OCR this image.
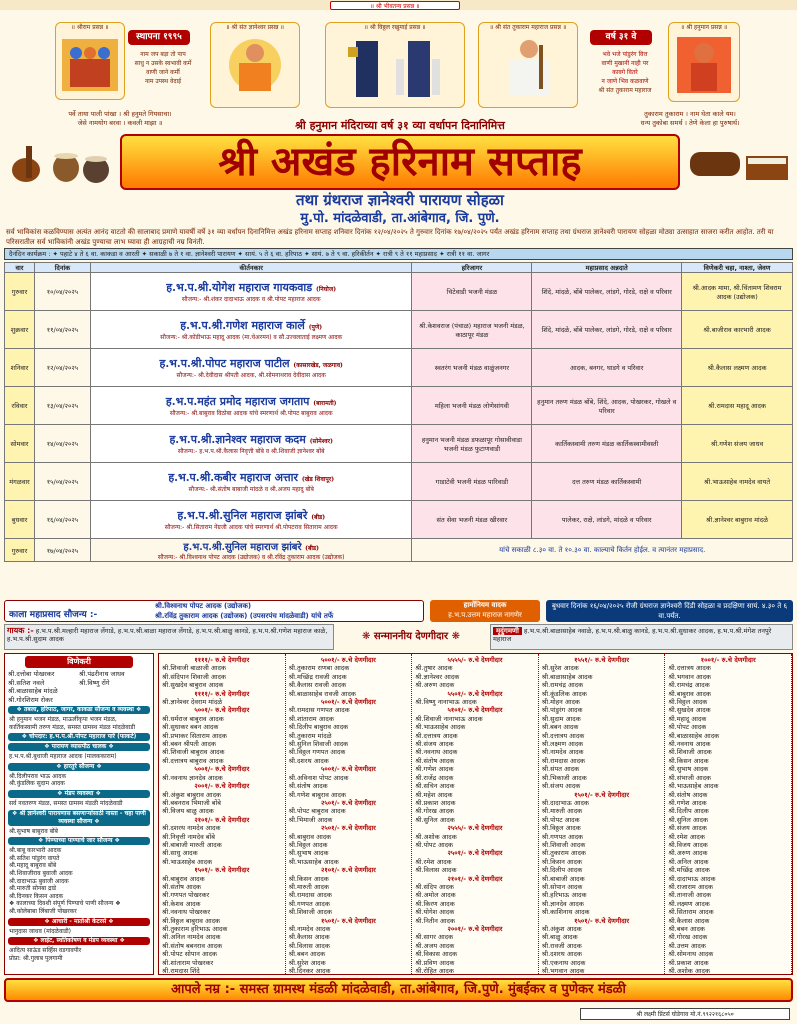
॥ श्री भीवतन्य प्रसन्न ॥
॥ श्रीराम प्रसन्न ॥
स्थापना १९९५
नाम जप बड़ा तो पाप
साधु न उसके स्वभावी कर्मे
वाणी जाने कर्मी
नाम उपस्थ वेदाई
॥ श्री संत ज्ञानेश्वर प्रसन्न ॥	॥ श्री विठ्ठल रखुमाई प्रसन्न ॥	॥ श्री संत तुकाराम महाराज प्रसन्न ॥
वर्ष ३१ वे
भवे भजे पांडुरंग वित्त
वाणी मुखानी नाही पर
कावगे वितरे
न जाणे भिव कळवाणे
श्री संत तुकाराम महाराज
॥ श्री हनुमान प्रसन्न ॥
पर्वे ताया पाली पांखा । श्री हनुमते गियसाचा।
जेसे नामयोग बरवा । कवली माझा ॥
तुकाराम तुकाराम । नाम घेता काले यम।
धन्य तुकोबा समर्थ । तेणे केला हा पुरुषार्थ।
श्री हनुमान मंदिराच्या वर्ष ३१ व्या वर्धापन दिनानिमित्त
श्री अखंड हरिनाम सप्ताह
तथा ग्रंथराज ज्ञानेश्वरी पारायण सोहळा
मु.पो. मांदळेवाडी, ता.आंबेगाव, जि. पुणे.
सर्व भाविकांस कळविण्यास अत्यंत आनंद वाटतो की सालाबाद प्रमाणे यावर्षी वर्षे ३१ व्या वर्धापन दिनानिमित्त अखंड हरिनाम सप्ताह शनिवार दिनांक १२/०४/२०२५ ते गुरुवार दिनांक १७/०४/२०२५ पर्यंत अखंड हरिनाम सप्ताह तथा ग्रंथराज ज्ञानेश्वरी पारायण सोहळा मोठ्या उत्साहात साजरा करीत आहोत. तरी या परिसरातील सर्व भाविकांनी अखंड पुण्याचा लाभ घ्यावा ही आग्रहाची नम्र विनंती.
दैनंदिन कार्यक्रम : ✦ पहाटे ४ ते ६ वा. काकडा व आरती ✦ सकाळी ७ ते १ वा. ज्ञानेश्वरी पारायण ✦ सायं. ५ ते ६ वा. हरिपाठ ✦ सायं. ७ ते ९ वा. हरिकीर्तन ✦ रात्री ९ ते ११ महाप्रसाद ✦ रात्री ११ वा. जागर
वार	दिनांक	कीर्तनकार	हरिजागर	महाप्रसाद अन्नदाते	विणेकरी चहा, नाश्ता, जेवण
गुरुवार	१०/०४/२०२५	ह.भ.प.श्री.योगेश महाराज गायकवाड (निघोज)
सौजन्य:- श्री.शंकर दादाभाऊ आदक व श्री.पोपट महाराज आदक	चिटेवाडी भजनी मंडळ	शिंदे, मांदळे, बोंबे पालेकर, लांडगे, गोरडे, राक्षे व परिवार	श्री.आदक मामा, श्री.चिंतामण शिवराम आदक (उद्योजक)
शुक्रवार	११/०४/२०२५	ह.भ.प.श्री.गणेश महाराज कार्ले (पुणे)
सौजन्य:- श्री.कोंडीभाऊ महादू आदक (मा.चेअरमन) व सौ.उज्वलाताई लक्ष्मण आदक	श्री.केशवराज (पंचाळ) महाराज भजनी मंडळ, काठापूर मंडळ	शिंदे, मांदळे, बोंबे पालेकर, लांडगे, गोरडे, राक्षे व परिवार	श्री.बाजीराव कारभारी आदक
शनिवार	१२/०४/२०२५	ह.भ.प.श्री.पोपट महाराज पाटील (कासारखेड, जळगाव)
सौजन्य:- श्री.देवीदास श्रीपती आदक, श्री.सोमनाथराव देवीदास आदक	स्वतरंग भजनी मंडळ वाळुंजनगर	आदक, बनगर, घाडगे व परिवार	श्री.कैलास लक्ष्मण आदक
रविवार	१३/०४/२०२५	ह.भ.प.महंत प्रमोद महाराज जगताप (बारामती)
सौजन्य:- श्री.बाबुराव विठोबा आदक यांचे स्मरणार्थ श्री.पोपट बाबुराव आदक	महिला भजनी मंडळ लोणेसांगवी	हनुमान तरुण मंडळ बोंबे, शिंदे, आदक, पोखरकर, गोखले व परिवार	श्री.रामदास महादू आदक
सोमवार	१४/०४/२०२५	ह.भ.प.श्री.ज्ञानेश्वर महाराज कदम (सोमेश्वर)
सौजन्य:- ह.भ.प.श्री.कैलास निवृत्ती बोंबे व श्री.शिवाजी ज्ञानेश्वर बोंबे	हनुमान भजनी मंडळ डफळापूर गोसावीवाडा भजनी मंडळ फुटाणवाडी	कार्तिकस्वामी तरुण मंडळ कार्तिकस्वामीवस्ती	श्री.गणेश संजय जाधव
मंगळवार	१५/०४/२०२५	ह.भ.प.श्री.कबीर महाराज अत्तार (खेड शिवापूर)
सौजन्य:- श्री.संतोष बाबाजी मांदळे व श्री.अजय महादु बोंबे	गाडाटेवी भजनी मंडळ पारिवाडी	दत्त तरुण मंडळ कार्तिकस्वामी	श्री.भाऊसाहेब नामदेव वायते
बुधवार	१६/०४/२०२५	ह.भ.प.श्री.सुनिल महाराज झांबरे (बीड)
सौजन्य:- श्री.सिताराम नेंग्रजी आदक यांचे स्मरणार्थ श्री.पोपटराव सिताराम आदक	संत सेवा भजनी मंडळ खीरवार	पालेकर, राक्षे, लांडगे, मांदळे व परिवार	श्री.ज्ञानेश्वर बाबुराव मांदळे
गुरुवार	१७/०४/२०२५	ह.भ.प.श्री.सुनिल महाराज झांबरे (बीड)
सौजन्य:- श्री.विश्वनाथ पोपट आदक (उद्योजक) व श्री.रविंद्र तुकाराम आदक (उद्योजक)	यांचे सकाळी ८.३० वा. ते १०.३० वा. काल्याचे किर्तन होईल. व त्यानंतर महाप्रसाद.		
काला महाप्रसाद सौजन्य :-
श्री.विश्वनाथ पोपट आदक (उद्योजक)
श्री.रविंद्र तुकाराम आदक (उद्योजक) (उपसरपंच मांदळेवाडी) यांचे तर्फे
हार्मोनियम वादक
ह.भ.प.उत्तम महाराज नागणेर
बुधवार दिनांक १६/०४/२०२५ रोजी ग्रंथराज ज्ञानेश्वरी दिंडी सोहळा व प्रदक्षिणा सायं. ४.३० ते ६ वा.पर्यंत.
गायक :- ह.भ.प.श्री.मल्हारी महाराज लेंगाडे, ह.भ.प.श्री.बाळा महाराज लेंगाडे, ह.भ.प.श्री.बाळु कानडे, ह.भ.प.श्री.गणेश महाराज काळे, ह.भ.प.श्री.सुदाम आदक	❋ सन्माननीय देणगीदार ❋	मृदुंगमणी ह.भ.प.श्री.बाळासाहेब नवाळे, ह.भ.प.श्री.बाळु कानडे, ह.भ.प.श्री.सुधाकर आदक, ह.भ.प.श्री.मंगेश तनपुरे महाराज
विणेकरी
श्री.दत्तोबा पोखरकर
श्री.सतिश नवले
श्री.बाळासाहेब मांदळे
श्री.गोरशिराम रोकर
श्री.पंढरीनाथ जाधव
श्री.विष्णु रोंगे
❖ तबला, हरिपाठ, जागर, काकडा सौजन्य व व्यवस्था ❖
श्री हनुमान भजन मंडळ, माऊलींकृपा भजन मंडळ,
कार्तिकस्वामी तरुण मंडळ, समस्त ग्रामस्थ मंडळ मांदळेवाडी
❖ चोपदार: ह.भ.प.श्री.पोपट महाराज पारे (फाकटे)
❖ पारायण व्यासपीठ चालक ❖
ह.भ.प.श्री.बुधाजी महाराज आदक (मालककाराम)
❖ हारतुरे सौजन्य ❖
श्री.दिलीपराव भाऊ आदक
श्री.कुंडलिक सुदाम आदक
❖ मंडप व्यवस्था ❖
सर्व नवतरुण मंडळ, समस्त ग्रामस्थ मंडळी मांदळेवाडी
❖ श्री ज्ञानेश्वरी पारायणास बसणाऱ्यांसाठी नास्ता - चहा पाणी व्यवस्था सौजन्य ❖
श्री.सुभाष बाबुराव बोंबे
❖ पिण्याच्या पाण्याचे जार सौजन्य ❖
श्री.बाबू कारभारी आदक
श्री.सतिश पांडुरंग वायते
श्री.महादू बाबुराव बोंबे
श्री.शिवाजीराव बुवाजी आदक
श्री.दादाभाऊ बुवाजी आदक
श्री.मारुती सोनबा द्राडे
श्री.दिनकर किसन आदक
❖ कालाच्या दिवशी संपूर्ण पिण्याचे पाणी सौजन्य ❖
श्री.कोलेबाबा लिंबाजी पोखरकर
❖ आचारी - मातोश्री केटरर्स ❖
भानुदास जाधव (मांदळेवाडी)
❖ लाईट, स्वतिकोषण व मंडप व्यवस्था ❖
आदित्य साऊंड सर्व्हिस वडगावपीर
प्रोप्रा: श्री.गुलाब पुलगामी
११११/- रु.चे देणगीदार
श्री.शिवाजी बाळाजी आदक
श्री.संदिपान शिवाजी आदक
श्री.सुखदेव बाबुराव आदक
११११/- रु.चे देणगीदार
श्री.ज्ञानेश्वर देवराम मांदळे
५००१/- रु.चे देणगीदार
श्री.धर्मराज बाबुराव आदक
श्री.सुधाकर बबन आदक
श्री.प्रभाकर सिताराम आदक
श्री.बबन श्रीपती आदक
श्री.शिवाजी बाबुराव आदक
श्री.दत्तात्रय बाबुराव आदक
५००१/- रु.चे देणगीदार
श्री.नवनाथ ज्ञानदेव आदक
२००१/- रु.चे देणगीदार
श्री.अंकुश बाबुराव आदक
श्री.बबनराव भिमाजी बोंबे
श्री.विजय बाळु आदक
२१०१/- रु.चे देणगीदार
श्री.दशरथ नामदेव आदक
श्री.निवृत्ती नामदेव बोंबे
श्री.बाबाजी मारुती आदक
श्री.साधु आदक
श्री.भाऊसाहेब आदक
१५०१/- रु.चे देणगीदार
श्री.बाबुराव आदक
श्री.संतोष आदक
श्री.गणपत पोखरकर
श्री.केशव आदक
श्री.नवनाथ पोखरकर
श्री.विठ्ठल बाबुराव आदक
श्री.तुकाराम हरिभाऊ आदक
श्री.अनिल नामदेव आदक
श्री.संतोष बबनराव आदक
श्री.पोपट सोपान आदक
श्री.शांताराम पोखरकर
श्री.रामदास शिंदे
५००१/- रु.चे देणगीदार
श्री.तुकाराम राणबा आदक
श्री.मच्छिंद्र रावजी आदक
श्री.कैलास रावजी आदक
श्री.बाळासाहेब रावजी आदक
५००१/- रु.चे देणगीदार
श्री.रामदास गणपत आदक
श्री.शांताराम आदक
श्री.दिलीप बाबुराव आदक
श्री.तुकाराम मांदळे
श्री.सुनिल शिवाजी आदक
श्री.विठ्ठल गणपत आदक
श्री.दशरथ आदक
५००१/- रु.चे देणगीदार
श्री.अविनाश पोपट आदक
श्री.संतोष आदक
श्री.गणेश बाबुराव आदक
२५०१/- रु.चे देणगीदार
श्री.पोपट बाबुराव आदक
श्री.भिमाजी आदक
२५०१/- रु.चे देणगीदार
श्री.बाबुराव आदक
श्री.विठ्ठल आदक
श्री.सुभाष आदक
श्री.भाऊसाहेब आदक
२१०१/- रु.चे देणगीदार
श्री.किसन आदक
श्री.मारुती आदक
श्री.रामदास आदक
श्री.गणपत आदक
श्री.शिवाजी आदक
१५०१/- रु.चे देणगीदार
श्री.नामदेव आदक
श्री.कैलास आदक
श्री.विलास आदक
श्री.बबन आदक
श्री.सुरेश आदक
श्री.दिनकर आदक
५५५५/- रु.चे देणगीदार
श्री.तुषार आदक
श्री.ज्ञानेश्वर आदक
श्री.अरुण आदक
५५०१/- रु.चे देणगीदार
श्री.विष्णु नानाभाऊ आदक
५१०१/- रु.चे देणगीदार
श्री.शिवाजी नानाभाऊ आदक
श्री.भाऊसाहेब आदक
श्री.दत्तात्रय आदक
श्री.संजय आदक
श्री.नवनाथ आदक
श्री.संतोष आदक
श्री.गणेश आदक
श्री.राजेंद्र आदक
श्री.सचिन आदक
श्री.महेश आदक
श्री.प्रकाश आदक
श्री.गोरख आदक
श्री.सुनिल आदक
२५५५/- रु.चे देणगीदार
श्री.अशोक आदक
श्री.पोपट आदक
२५०१/- रु.चे देणगीदार
श्री.रमेश आदक
श्री.विलास आदक
२१०१/- रु.चे देणगीदार
श्री.संदिप आदक
श्री.अमोल आदक
श्री.किरण आदक
श्री.योगेश आदक
श्री.नितीन आदक
२००१/- रु.चे देणगीदार
श्री.सागर आदक
श्री.अजय आदक
श्री.विकास आदक
श्री.प्रविण आदक
श्री.रोहित आदक
१५५१/- रु.चे देणगीदार
श्री.सुरेश आदक
श्री.बाळासाहेब आदक
श्री.रामचंद्र आदक
श्री.कुंडलिक आदक
श्री.मोहन आदक
श्री.पांडुरंग आदक
श्री.सुदाम आदक
श्री.बबन आदक
श्री.दत्तात्रय आदक
श्री.लक्ष्मण आदक
श्री.नामदेव आदक
श्री.रामदास आदक
श्री.संपत आदक
श्री.भिकाजी आदक
श्री.संजय आदक
१५०१/- रु.चे देणगीदार
श्री.दादाभाऊ आदक
श्री.मारुती आदक
श्री.पोपट आदक
श्री.विठ्ठल आदक
श्री.गणपत आदक
श्री.शिवाजी आदक
श्री.तुकाराम आदक
श्री.किसन आदक
श्री.दिलीप आदक
श्री.बाबाजी आदक
श्री.सोपान आदक
श्री.हरिभाऊ आदक
श्री.ज्ञानदेव आदक
श्री.काशिनाथ आदक
१५०१/- रु.चे देणगीदार
श्री.अंकुश आदक
श्री.बाळु आदक
श्री.रावजी आदक
श्री.दशरथ आदक
श्री.एकनाथ आदक
श्री.भगवान आदक
१००१/- रु.चे देणगीदार
श्री.दत्तात्रय आदक
श्री.भगवान आदक
श्री.रामचंद्र आदक
श्री.बाबुराव आदक
श्री.विठ्ठल आदक
श्री.सुखदेव आदक
श्री.महादू आदक
श्री.पोपट आदक
श्री.बाळासाहेब आदक
श्री.नवनाथ आदक
श्री.शिवाजी आदक
श्री.किसन आदक
श्री.सुभाष आदक
श्री.संभाजी आदक
श्री.भाऊसाहेब आदक
श्री.संतोष आदक
श्री.गणेश आदक
श्री.दिलीप आदक
श्री.सुनिल आदक
श्री.संजय आदक
श्री.रमेश आदक
श्री.विजय आदक
श्री.अरुण आदक
श्री.अनिल आदक
श्री.मच्छिंद्र आदक
श्री.दादाभाऊ आदक
श्री.राजाराम आदक
श्री.तानाजी आदक
श्री.लक्ष्मण आदक
श्री.सिताराम आदक
श्री.कैलास आदक
श्री.बबन आदक
श्री.गोरख आदक
श्री.उत्तम आदक
श्री.सोमनाथ आदक
श्री.प्रकाश आदक
श्री.अशोक आदक
आपले नम्र :- समस्त ग्रामस्थ मंडळी मांदळेवाडी, ता.आंबेगाव, जि.पुणे. मुंबईकर व पुणेकर मंडळी
श्री लक्ष्मी प्रिंटर्स घोडेगाव मो.नं.९९२२१६८०५०
